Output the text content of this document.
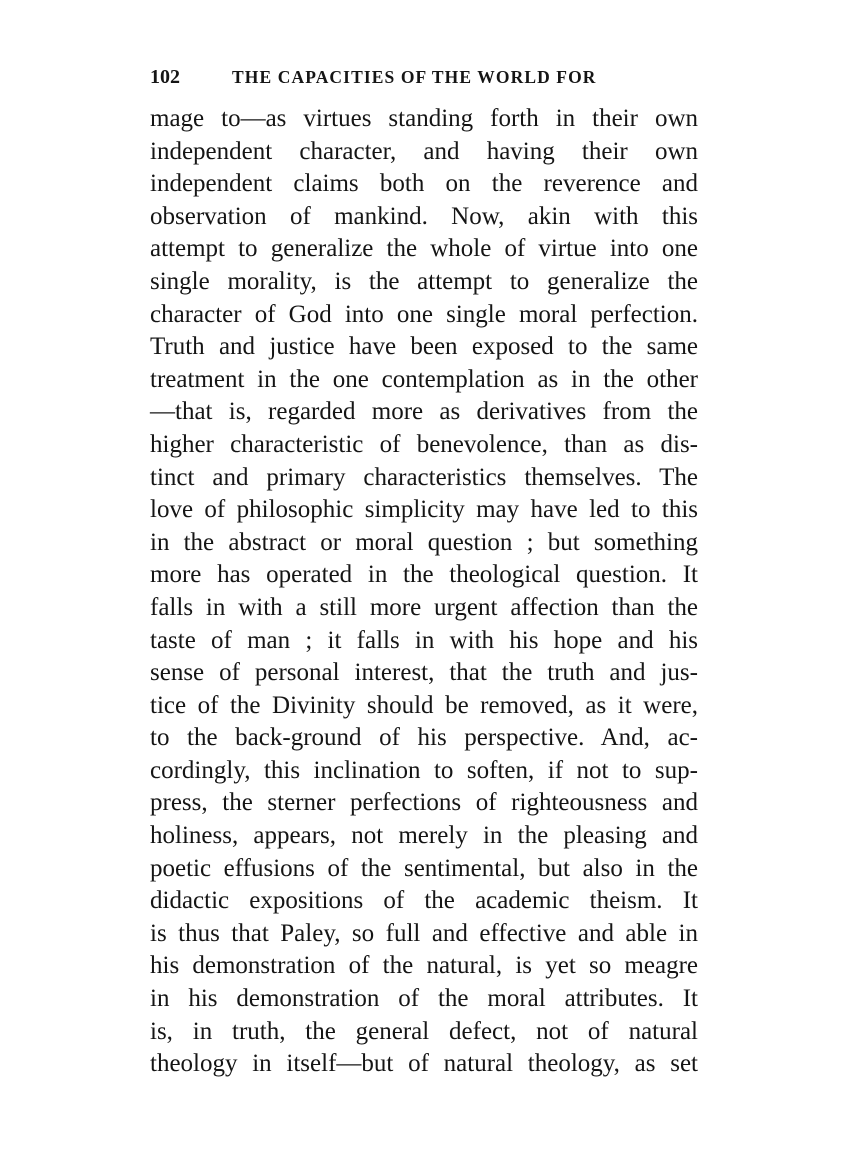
102	THE CAPACITIES OF THE WORLD FOR
mage to—as virtues standing forth in their own
independent character, and having their own
independent claims both on the reverence and
observation of mankind. Now, akin with this
attempt to generalize the whole of virtue into one
single morality, is the attempt to generalize the
character of God into one single moral perfection.
Truth and justice have been exposed to the same
treatment in the one contemplation as in the other
—that is, regarded more as derivatives from the
higher characteristic of benevolence, than as dis-
tinct and primary characteristics themselves. The
love of philosophic simplicity may have led to this
in the abstract or moral question ; but something
more has operated in the theological question. It
falls in with a still more urgent affection than the
taste of man ; it falls in with his hope and his
sense of personal interest, that the truth and jus-
tice of the Divinity should be removed, as it were,
to the back-ground of his perspective. And, ac-
cordingly, this inclination to soften, if not to sup-
press, the sterner perfections of righteousness and
holiness, appears, not merely in the pleasing and
poetic effusions of the sentimental, but also in the
didactic expositions of the academic theism. It
is thus that Paley, so full and effective and able in
his demonstration of the natural, is yet so meagre
in his demonstration of the moral attributes. It
is, in truth, the general defect, not of natural
theology in itself—but of natural theology, as set
